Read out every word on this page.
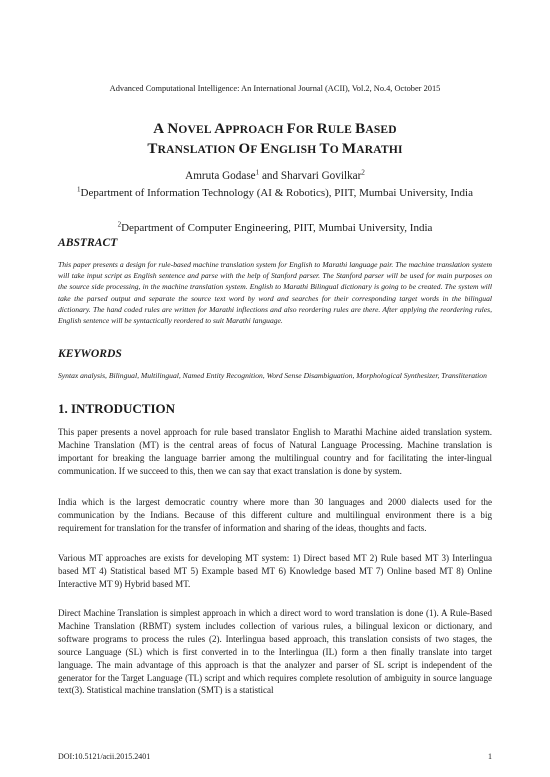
Advanced Computational Intelligence: An International Journal (ACII), Vol.2, No.4, October 2015
A NOVEL APPROACH FOR RULE BASED
TRANSLATION OF ENGLISH TO MARATHI
Amruta Godase$^1$ and Sharvari Govilkar$^2$
$^1$Department of Information Technology (AI & Robotics), PIIT, Mumbai University, India
$^2$Department of Computer Engineering, PIIT, Mumbai University, India
ABSTRACT
This paper presents a design for rule-based machine translation system for English to Marathi language pair. The machine translation system will take input script as English sentence and parse with the help of Stanford parser. The Stanford parser will be used for main purposes on the source side processing, in the machine translation system. English to Marathi Bilingual dictionary is going to be created. The system will take the parsed output and separate the source text word by word and searches for their corresponding target words in the bilingual dictionary. The hand coded rules are written for Marathi inflections and also reordering rules are there. After applying the reordering rules, English sentence will be syntactically reordered to suit Marathi language.
KEYWORDS
Syntax analysis, Bilingual, Multilingual, Named Entity Recognition, Word Sense Disambiguation, Morphological Synthesizer, Transliteration
1. INTRODUCTION
This paper presents a novel approach for rule based translator English to Marathi Machine aided translation system. Machine Translation (MT) is the central areas of focus of Natural Language Processing. Machine translation is important for breaking the language barrier among the multilingual country and for facilitating the inter-lingual communication. If we succeed to this, then we can say that exact translation is done by system.
India which is the largest democratic country where more than 30 languages and 2000 dialects used for the communication by the Indians. Because of this different culture and multilingual environment there is a big requirement for translation for the transfer of information and sharing of the ideas, thoughts and facts.
Various MT approaches are exists for developing MT system: 1) Direct based MT 2) Rule based MT 3) Interlingua based MT 4) Statistical based MT 5) Example based MT 6) Knowledge based MT 7) Online based MT 8) Online Interactive MT 9) Hybrid based MT.
Direct Machine Translation is simplest approach in which a direct word to word translation is done (1). A Rule-Based Machine Translation (RBMT) system includes collection of various rules, a bilingual lexicon or dictionary, and software programs to process the rules (2). Interlingua based approach, this translation consists of two stages, the source Language (SL) which is first converted in to the Interlingua (IL) form a then finally translate into target language. The main advantage of this approach is that the analyzer and parser of SL script is independent of the generator for the Target Language (TL) script and which requires complete resolution of ambiguity in source language text(3). Statistical machine translation (SMT) is a statistical
DOI:10.5121/acii.2015.2401	1
